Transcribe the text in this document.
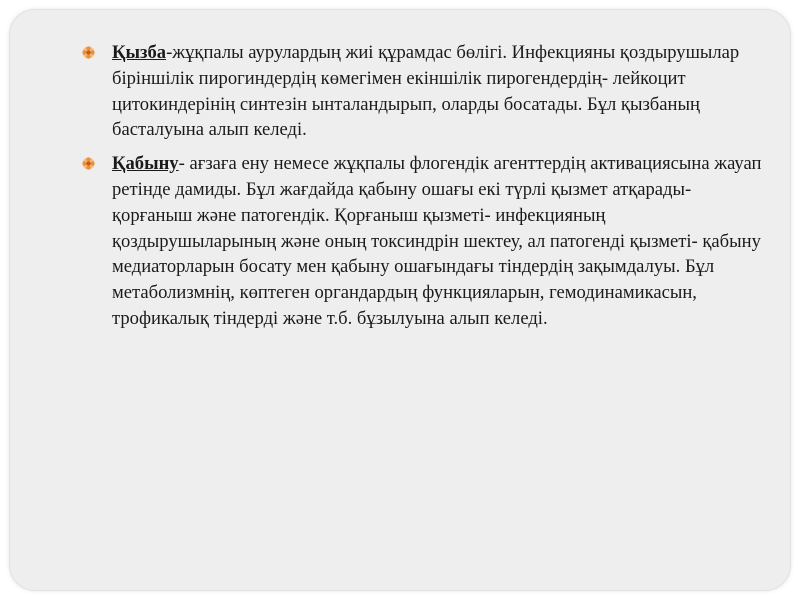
Қызба-жұқпалы аурулардың жиі құрамдас бөлігі. Инфекцияны қоздырушылар біріншілік пирогиндердің көмегімен екіншілік пирогендердің- лейкоцит цитокиндерінің синтезін ынталандырып, оларды босатады. Бұл қызбаның басталуына алып келеді.

Қабыну- ағзаға ену немесе жұқпалы флогендік агенттердің активациясына жауап ретінде дамиды. Бұл жағдайда қабыну ошағы екі түрлі қызмет атқарады- қорғаныш және патогендік. Қорғаныш қызметі- инфекцияның қоздырушыларының және оның токсиндрін шектеу, ал патогенді қызметі- қабыну медиаторларын босату мен қабыну ошағындағы тіндердің зақымдалуы. Бұл метаболизмнің, көптеген органдардың функцияларын, гемодинамикасын, трофикалық тіндерді және т.б. бұзылуына алып келеді.
